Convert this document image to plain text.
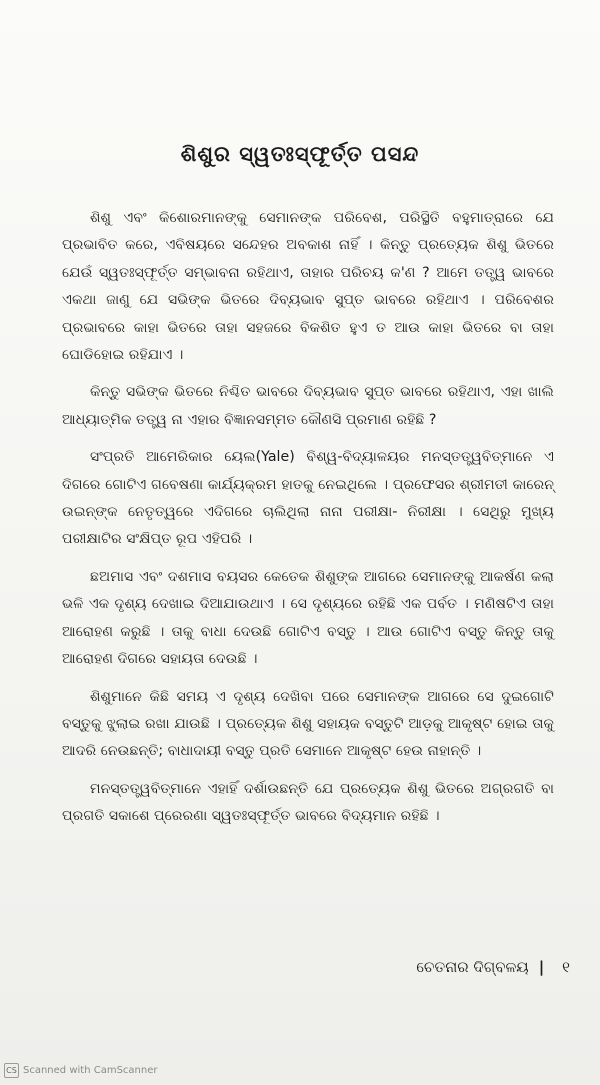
ଶିଶୁର ସ୍ୱତଃସ୍ଫୂର୍ତ୍ତ ପସନ୍ଦ

ଶିଶୁ ଏବଂ କିଶୋରମାନଙ୍କୁ ସେମାନଙ୍କ ପରିବେଶ, ପରିସ୍ଥିତି ବହୁମାତ୍ରାରେ ଯେ ପ୍ରଭାବିତ କରେ, ଏବିଷୟରେ ସନ୍ଦେହର ଅବକାଶ ନାହିଁ । କିନ୍ତୁ ପ୍ରତ୍ୟେକ ଶିଶୁ ଭିତରେ ଯେଉଁ ସ୍ୱତଃସ୍ଫୂର୍ତ୍ତ ସମ୍ଭାବନା ରହିଥାଏ, ତାହାର ପରିଚୟ କ'ଣ ? ଆମେ ତତ୍ତ୍ୱ ଭାବରେ ଏକଥା ଜାଣୁ ଯେ ସଭିଙ୍କ ଭିତରେ ଦିବ୍ୟଭାବ ସୁପ୍ତ ଭାବରେ ରହିଥାଏ । ପରିବେଶର ପ୍ରଭାବରେ କାହା ଭିତରେ ତାହା ସହଜରେ ବିକଶିତ ହୁଏ ତ ଆଉ କାହା ଭିତରେ ବା ତାହା ଘୋଡିହୋଇ ରହିଯାଏ ।

କିନ୍ତୁ ସଭିଙ୍କ ଭିତରେ ନିଶ୍ଚିତ ଭାବରେ ଦିବ୍ୟଭାବ ସୁପ୍ତ ଭାବରେ ରହିଥାଏ, ଏହା ଖାଲି ଆଧ୍ୟାତ୍ମିକ ତତ୍ତ୍ୱ ନା ଏହାର ବିଜ୍ଞାନସମ୍ମତ କୌଣସି ପ୍ରମାଣ ରହିଛି ?

ସଂପ୍ରତି ଆମେରିକାର ୟେଲ(Yale) ବିଶ୍ୱ-ବିଦ୍ୟାଳୟର ମନସ୍ତତ୍ତ୍ୱବିତ୍‌ମାନେ ଏ ଦିଗରେ ଗୋଟିଏ ଗବେଷଣା କାର୍ଯ୍ୟକ୍ରମ ହାତକୁ ନେଇଥିଲେ । ପ୍ରଫେସର ଶ୍ରୀମତୀ କାରେନ୍ ଉଇନ୍‌ଙ୍କ ନେତୃତ୍ୱରେ ଏଦିଗରେ ଚାଲିଥିଲା ନାନା ପରୀକ୍ଷା- ନିରୀକ୍ଷା । ସେଥିରୁ ମୁଖ୍ୟ ପରୀକ୍ଷାଟିର ସଂକ୍ଷିପ୍ତ ରୂପ ଏହିପରି ।

ଛଅମାସ ଏବଂ ଦଶମାସ ବୟସର କେତେକ ଶିଶୁଙ୍କ ଆଗରେ ସେମାନଙ୍କୁ ଆକର୍ଷଣ କଲା ଭଳି ଏକ ଦୃଶ୍ୟ ଦେଖାଇ ଦିଆଯାଉଥାଏ । ସେ ଦୃଶ୍ୟରେ ରହିଛି ଏକ ପର୍ବତ । ମଣିଷଟିଏ ତାହା ଆରୋହଣ କରୁଛି । ତାକୁ ବାଧା ଦେଉଛି ଗୋଟିଏ ବସ୍ତୁ । ଆଉ ଗୋଟିଏ ବସ୍ତୁ କିନ୍ତୁ ତାକୁ ଆରୋହଣ ଦିଗରେ ସହାୟତା ଦେଉଛି ।

ଶିଶୁମାନେ କିଛି ସମୟ ଏ ଦୃଶ୍ୟ ଦେଖିବା ପରେ ସେମାନଙ୍କ ଆଗରେ ସେ ଦୁଇଗୋଟି ବସ୍ତୁକୁ ଝୁଲାଇ ରଖା ଯାଉଛି । ପ୍ରତ୍ୟେକ ଶିଶୁ ସହାୟକ ବସ୍ତୁଟି ଆଡ଼କୁ ଆକୃଷ୍ଟ ହୋଇ ତାକୁ ଆଦରି ନେଉଛନ୍ତି; ବାଧାଦାୟୀ ବସ୍ତୁ ପ୍ରତି ସେମାନେ ଆକୃଷ୍ଟ ହେଉ ନାହାନ୍ତି ।

ମନସ୍ତତ୍ତ୍ୱବିତ୍‌ମାନେ ଏହାହିଁ ଦର୍ଶାଉଛନ୍ତି ଯେ ପ୍ରତ୍ୟେକ ଶିଶୁ ଭିତରେ ଅଗ୍ରଗତି ବା ପ୍ରଗତି ସକାଶେ ପ୍ରେରଣା ସ୍ୱତଃସ୍ଫୂର୍ତ୍ତ ଭାବରେ ବିଦ୍ୟମାନ ରହିଛି ।

ଚେତନାର ଦିଗ୍‌ବଳୟ | ୧
CS Scanned with CamScanner
